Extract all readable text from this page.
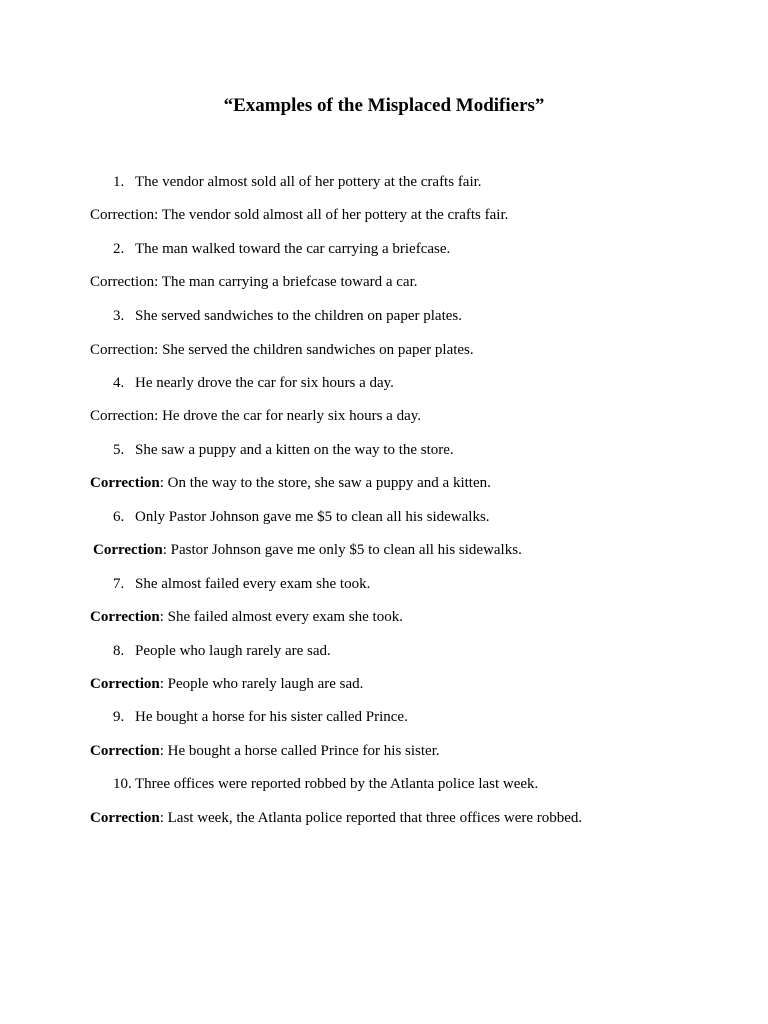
“Examples of the Misplaced Modifiers”
1. The vendor almost sold all of her pottery at the crafts fair.
Correction: The vendor sold almost all of her pottery at the crafts fair.
2. The man walked toward the car carrying a briefcase.
Correction: The man carrying a briefcase toward a car.
3. She served sandwiches to the children on paper plates.
Correction: She served the children sandwiches on paper plates.
4. He nearly drove the car for six hours a day.
Correction: He drove the car for nearly six hours a day.
5. She saw a puppy and a kitten on the way to the store.
Correction: On the way to the store, she saw a puppy and a kitten.
6. Only Pastor Johnson gave me $5 to clean all his sidewalks.
Correction: Pastor Johnson gave me only $5 to clean all his sidewalks.
7. She almost failed every exam she took.
Correction: She failed almost every exam she took.
8. People who laugh rarely are sad.
Correction: People who rarely laugh are sad.
9. He bought a horse for his sister called Prince.
Correction: He bought a horse called Prince for his sister.
10. Three offices were reported robbed by the Atlanta police last week.
Correction: Last week, the Atlanta police reported that three offices were robbed.
